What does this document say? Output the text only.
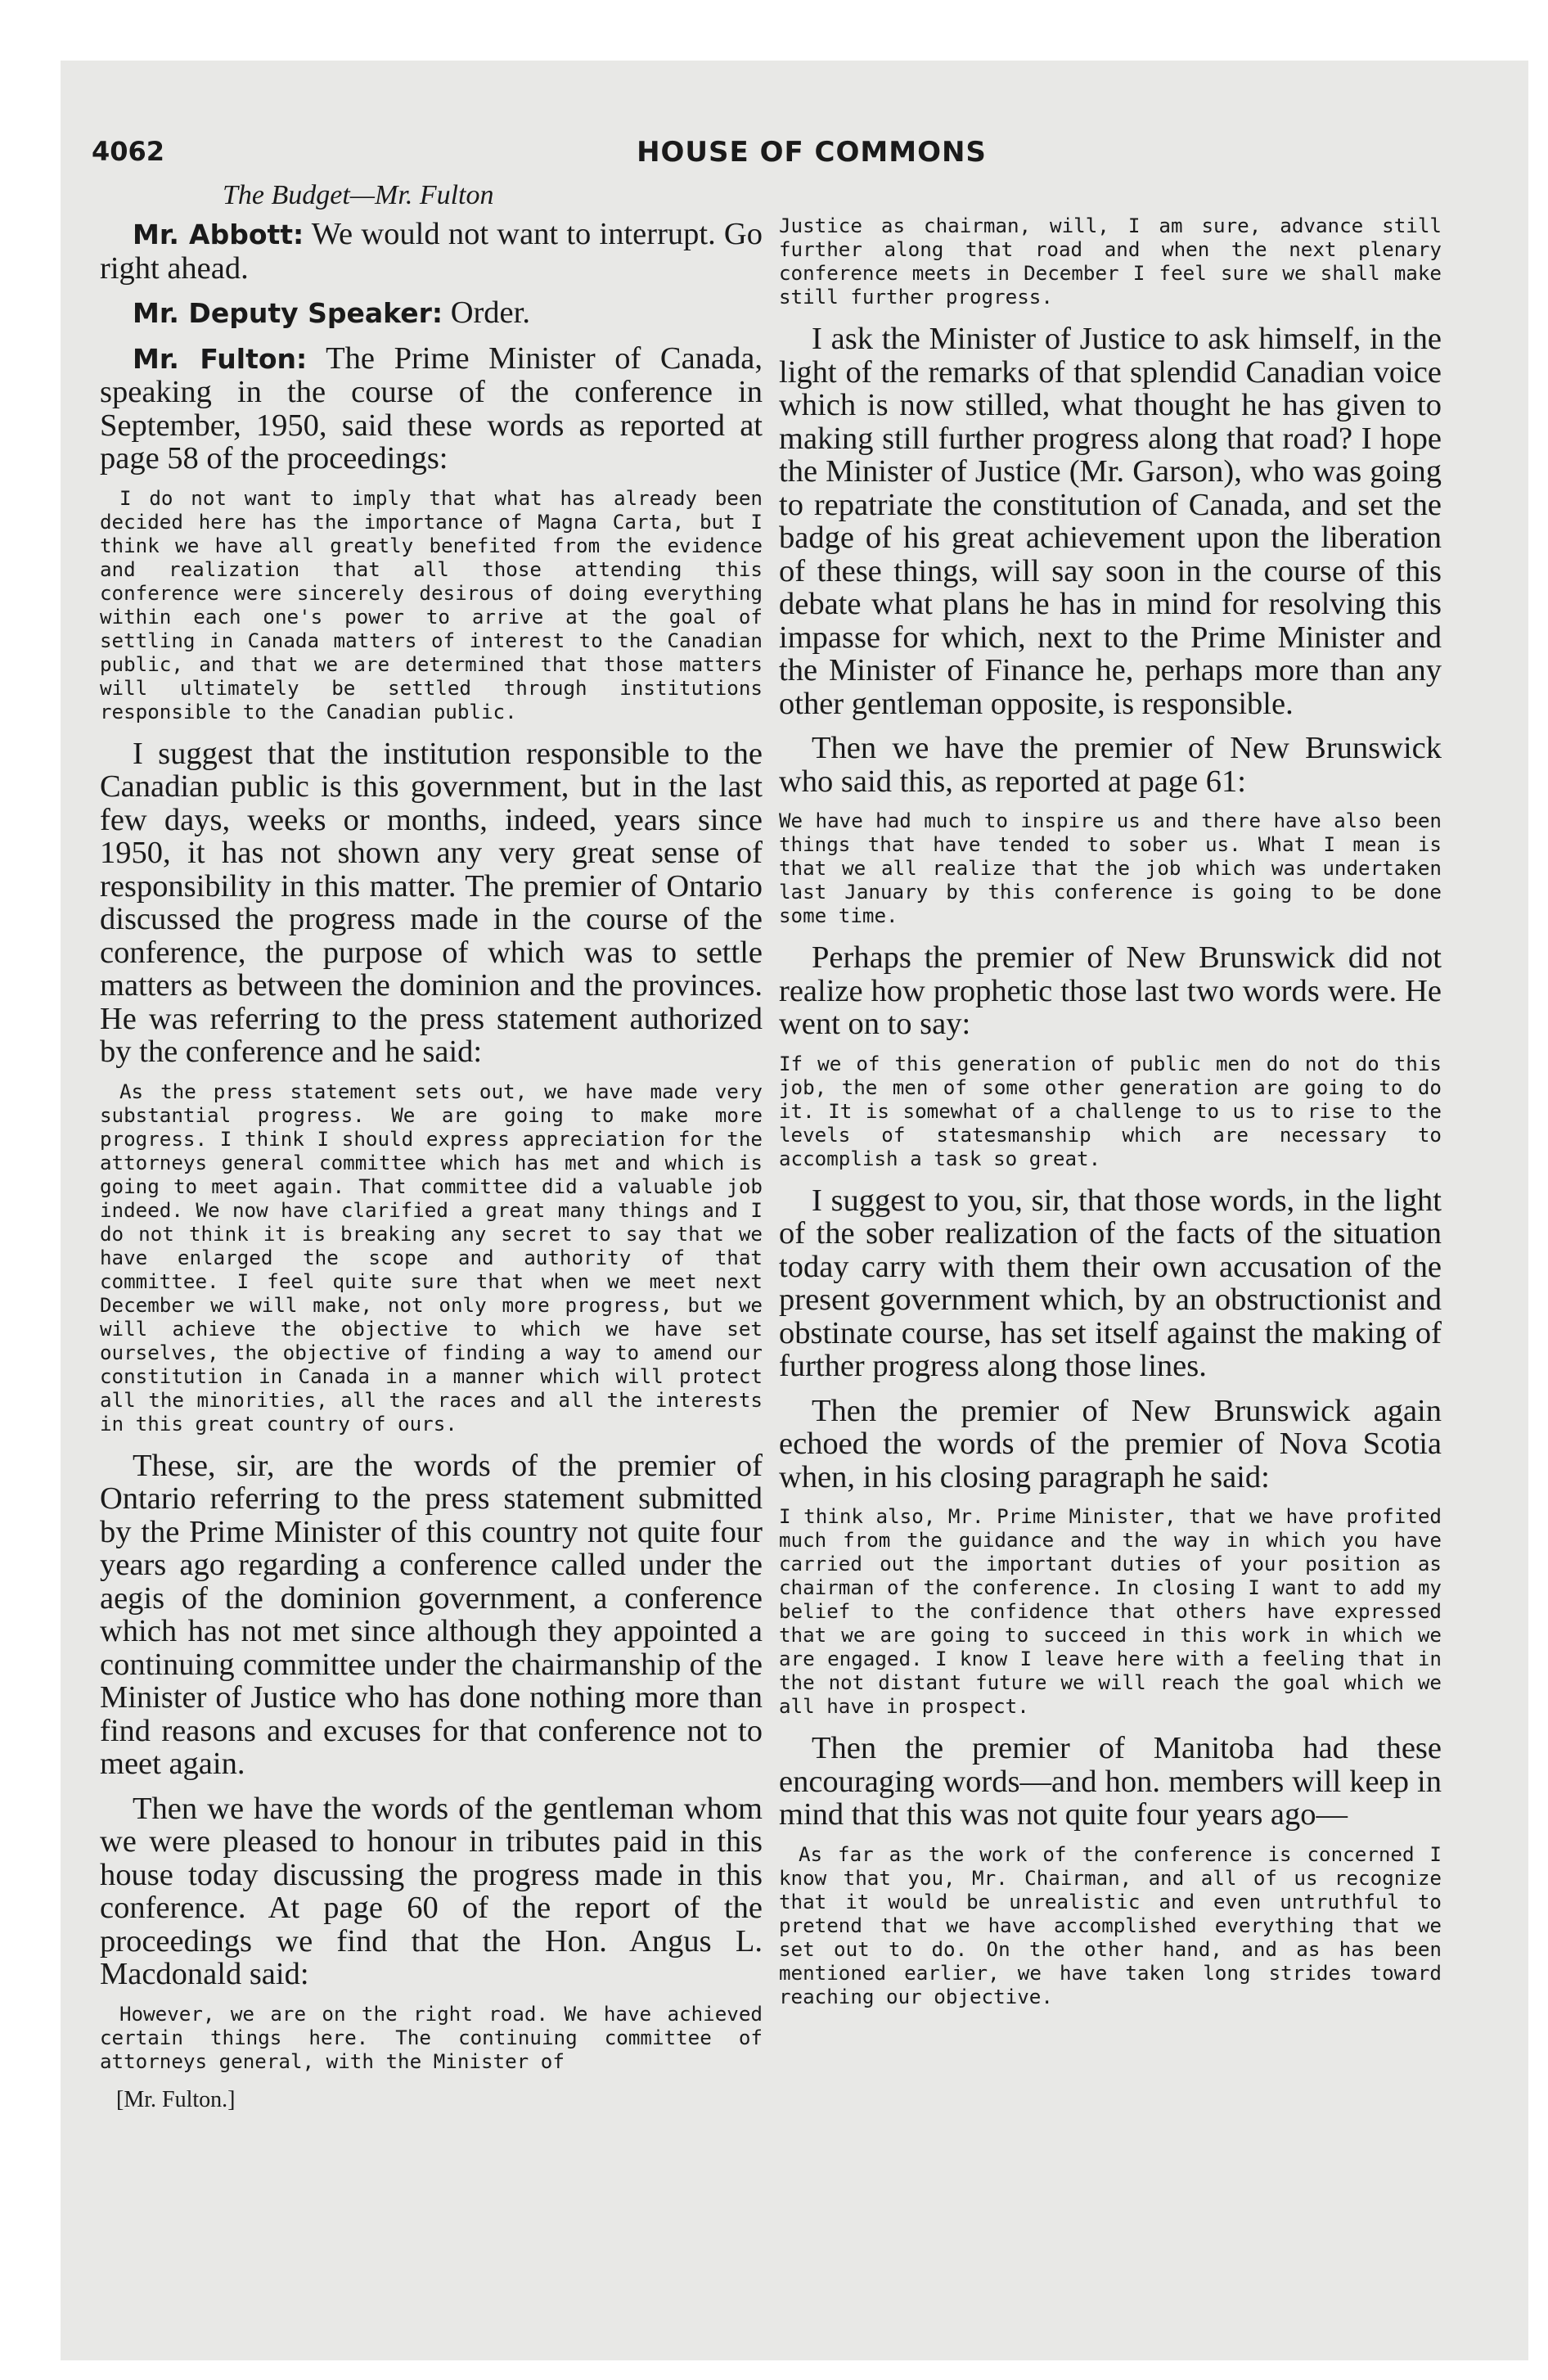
4062	HOUSE OF COMMONS
The Budget—Mr. Fulton

Mr. Abbott: We would not want to interrupt. Go right ahead.

Mr. Deputy Speaker: Order.

Mr. Fulton: The Prime Minister of Canada, speaking in the course of the conference in September, 1950, said these words as reported at page 58 of the proceedings:

I do not want to imply that what has already been decided here has the importance of Magna Carta, but I think we have all greatly benefited from the evidence and realization that all those attending this conference were sincerely desirous of doing everything within each one's power to arrive at the goal of settling in Canada matters of interest to the Canadian public, and that we are determined that those matters will ultimately be settled through institutions responsible to the Canadian public.

I suggest that the institution responsible to the Canadian public is this government, but in the last few days, weeks or months, indeed, years since 1950, it has not shown any very great sense of responsibility in this matter. The premier of Ontario discussed the progress made in the course of the conference, the purpose of which was to settle matters as between the dominion and the provinces. He was referring to the press statement authorized by the conference and he said:

As the press statement sets out, we have made very substantial progress. We are going to make more progress. I think I should express appreciation for the attorneys general committee which has met and which is going to meet again. That committee did a valuable job indeed. We now have clarified a great many things and I do not think it is breaking any secret to say that we have enlarged the scope and authority of that committee. I feel quite sure that when we meet next December we will make, not only more progress, but we will achieve the objective to which we have set ourselves, the objective of finding a way to amend our constitution in Canada in a manner which will protect all the minorities, all the races and all the interests in this great country of ours.

These, sir, are the words of the premier of Ontario referring to the press statement submitted by the Prime Minister of this country not quite four years ago regarding a conference called under the aegis of the dominion government, a conference which has not met since although they appointed a continuing committee under the chairmanship of the Minister of Justice who has done nothing more than find reasons and excuses for that conference not to meet again.

Then we have the words of the gentleman whom we were pleased to honour in tributes paid in this house today discussing the progress made in this conference. At page 60 of the report of the proceedings we find that the Hon. Angus L. Macdonald said:

However, we are on the right road. We have achieved certain things here. The continuing committee of attorneys general, with the Minister of
[Mr. Fulton.]
Justice as chairman, will, I am sure, advance still further along that road and when the next plenary conference meets in December I feel sure we shall make still further progress.

I ask the Minister of Justice to ask himself, in the light of the remarks of that splendid Canadian voice which is now stilled, what thought he has given to making still further progress along that road? I hope the Minister of Justice (Mr. Garson), who was going to repatriate the constitution of Canada, and set the badge of his great achievement upon the liberation of these things, will say soon in the course of this debate what plans he has in mind for resolving this impasse for which, next to the Prime Minister and the Minister of Finance he, perhaps more than any other gentleman opposite, is responsible.

Then we have the premier of New Brunswick who said this, as reported at page 61:

We have had much to inspire us and there have also been things that have tended to sober us. What I mean is that we all realize that the job which was undertaken last January by this conference is going to be done some time.

Perhaps the premier of New Brunswick did not realize how prophetic those last two words were. He went on to say:

If we of this generation of public men do not do this job, the men of some other generation are going to do it. It is somewhat of a challenge to us to rise to the levels of statesmanship which are necessary to accomplish a task so great.

I suggest to you, sir, that those words, in the light of the sober realization of the facts of the situation today carry with them their own accusation of the present government which, by an obstructionist and obstinate course, has set itself against the making of further progress along those lines.

Then the premier of New Brunswick again echoed the words of the premier of Nova Scotia when, in his closing paragraph he said:

I think also, Mr. Prime Minister, that we have profited much from the guidance and the way in which you have carried out the important duties of your position as chairman of the conference. In closing I want to add my belief to the confidence that others have expressed that we are going to succeed in this work in which we are engaged. I know I leave here with a feeling that in the not distant future we will reach the goal which we all have in prospect.

Then the premier of Manitoba had these encouraging words—and hon. members will keep in mind that this was not quite four years ago—

As far as the work of the conference is concerned I know that you, Mr. Chairman, and all of us recognize that it would be unrealistic and even untruthful to pretend that we have accomplished everything that we set out to do. On the other hand, and as has been mentioned earlier, we have taken long strides toward reaching our objective.
